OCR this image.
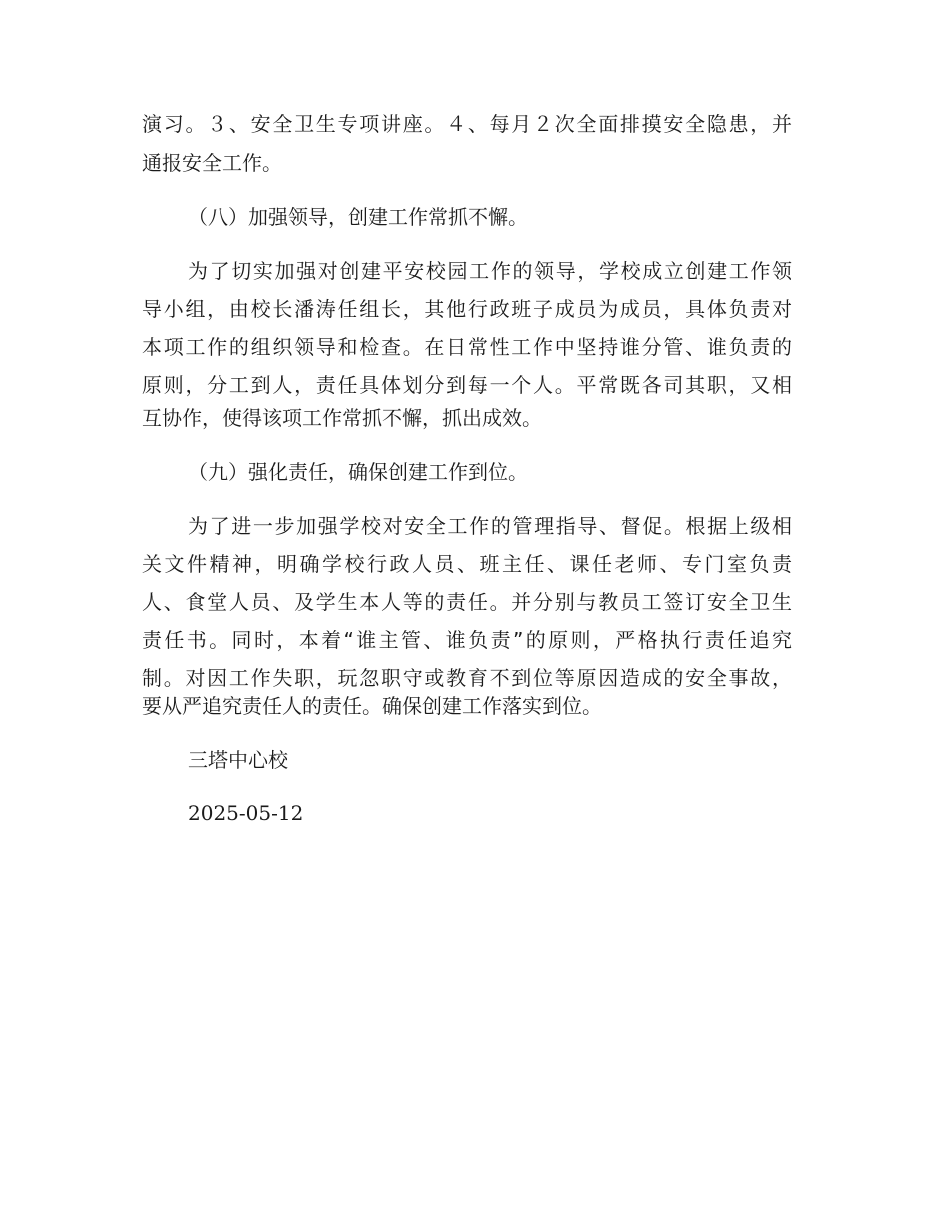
演习。３、安全卫生专项讲座。４、每月２次全面排摸安全隐患，并
通报安全工作。
（八）加强领导，创建工作常抓不懈。
为了切实加强对创建平安校园工作的领导，学校成立创建工作领
导小组，由校长潘涛任组长，其他行政班子成员为成员，具体负责对
本项工作的组织领导和检查。在日常性工作中坚持谁分管、谁负责的
原则，分工到人，责任具体划分到每一个人。平常既各司其职，又相
互协作，使得该项工作常抓不懈，抓出成效。
（九）强化责任，确保创建工作到位。
为了进一步加强学校对安全工作的管理指导、督促。根据上级相
关文件精神，明确学校行政人员、班主任、课任老师、专门室负责
人、食堂人员、及学生本人等的责任。并分别与教员工签订安全卫生
责任书。同时，本着“谁主管、谁负责”的原则，严格执行责任追究
制。对因工作失职，玩忽职守或教育不到位等原因造成的安全事故，
要从严追究责任人的责任。确保创建工作落实到位。
三塔中心校
2025-05-12
